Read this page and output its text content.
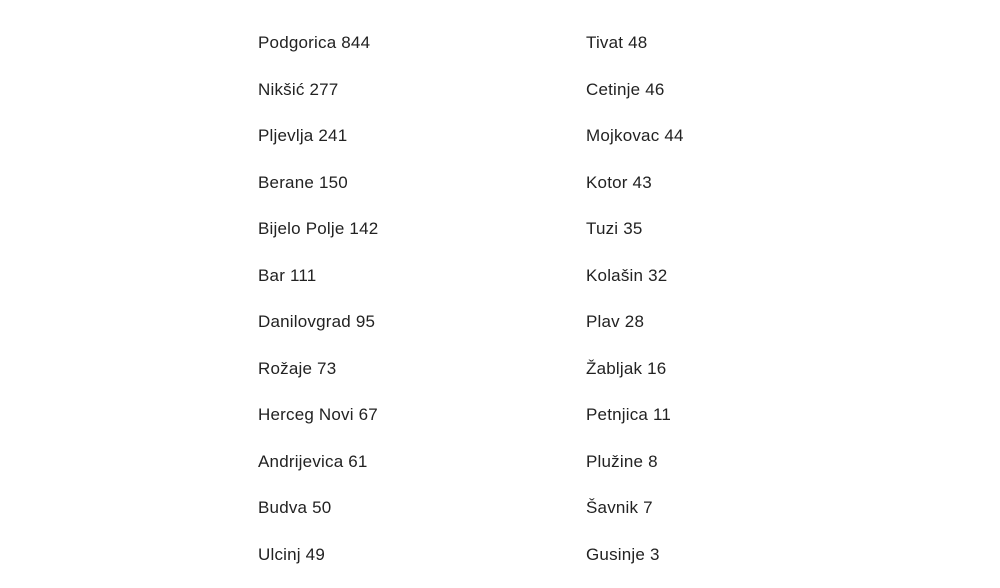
Podgorica 844
Nikšić 277
Pljevlja 241
Berane 150
Bijelo Polje 142
Bar 111
Danilovgrad 95
Rožaje 73
Herceg Novi 67
Andrijevica 61
Budva 50
Ulcinj 49
Tivat 48
Cetinje 46
Mojkovac 44
Kotor 43
Tuzi 35
Kolašin 32
Plav 28
Žabljak 16
Petnjica 11
Plužine 8
Šavnik 7
Gusinje 3
